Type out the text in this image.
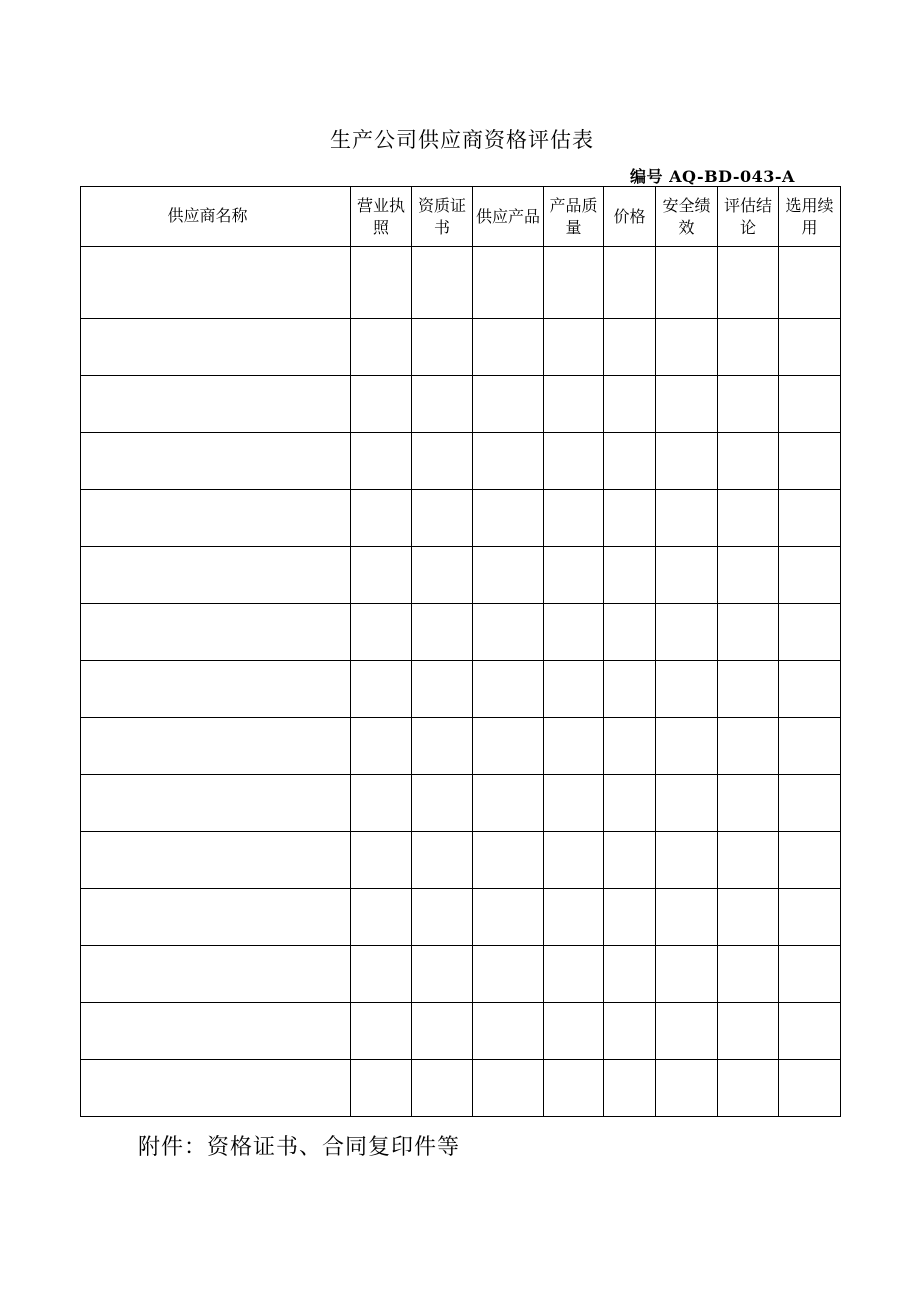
生产公司供应商资格评估表
编号 AQ-BD-043-A
供应商名称	营业执照	资质证书	供应产品	产品质量	价格	安全绩效	评估结论	选用续用

附件：资格证书、合同复印件等
